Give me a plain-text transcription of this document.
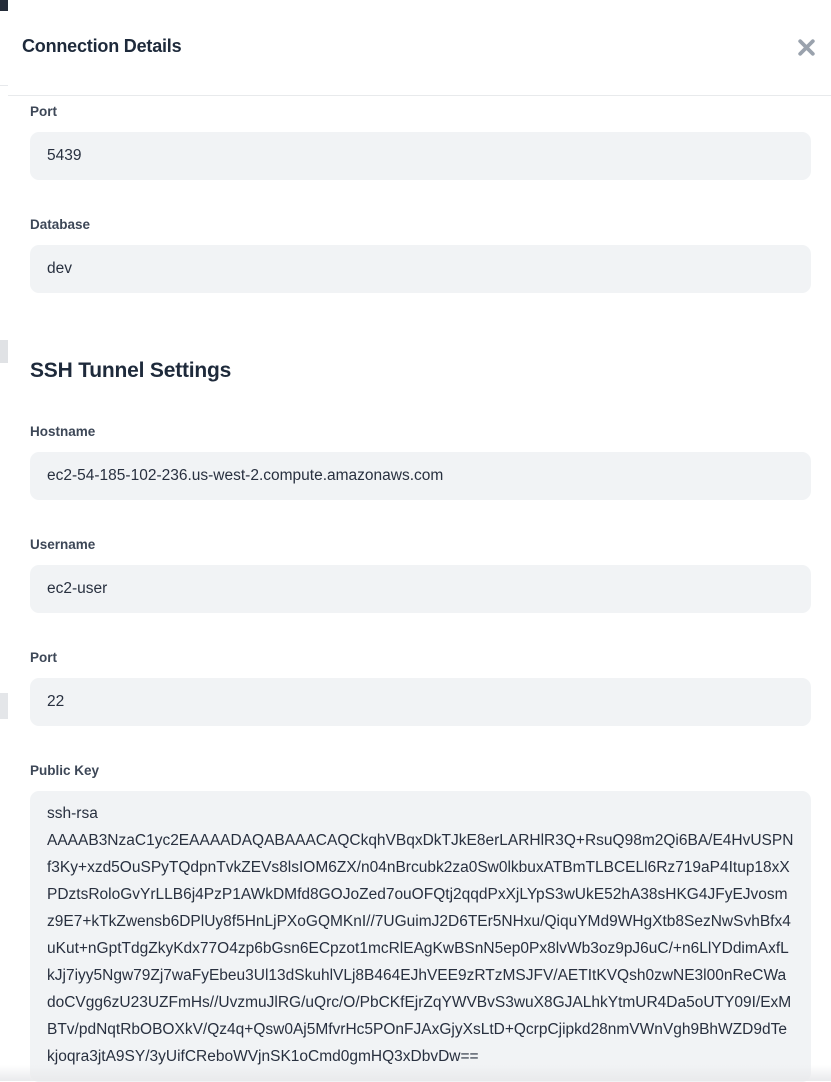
Connection Details
Port
5439
Database
dev
SSH Tunnel Settings
Hostname
ec2-54-185-102-236.us-west-2.compute.amazonaws.com
Username
ec2-user
Port
22
Public Key
ssh-rsa AAAAB3NzaC1yc2EAAAADAQABAAACAQCkqhVBqxDkTJkE8erLARHlR3Q+RsuQ98m2Qi6BA/E4HvUSPNf3Ky+xzd5OuSPyTQdpnTvkZEVs8lsIOM6ZX/n04nBrcubk2za0Sw0lkbuxATBmTLBCELl6Rz719aP4Itup18xXPDztsRoloGvYrLLB6j4PzP1AWkDMfd8GOJoZed7ouOFQtj2qqdPxXjLYpS3wUkE52hA38sHKG4JFyEJvosmz9E7+kTkZwensb6DPlUy8f5HnLjPXoGQMKnI//7UGuimJ2D6TEr5NHxu/QiquYMd9WHgXtb8SezNwSvhBfx4uKut+nGptTdgZkyKdx77O4zp6bGsn6ECpzot1mcRlEAgKwBSnN5ep0Px8lvWb3oz9pJ6uC/+n6LlYDdimAxfLkJj7iyy5Ngw79Zj7waFyEbeu3Ul13dSkuhlVLj8B464EJhVEE9zRTzMSJFV/AETItKVQsh0zwNE3l00nReCWadoCVgg6zU23UZFmHs//UvzmuJlRG/uQrc/O/PbCKfEjrZqYWVBvS3wuX8GJALhkYtmUR4Da5oUTY09I/ExMBTv/pdNqtRbOBOXkV/Qz4q+Qsw0Aj5MfvrHc5POnFJAxGjyXsLtD+QcrpCjipkd28nmVWnVgh9BhWZD9dTekjoqra3jtA9SY/3yUifCReboWVjnSK1oCmd0gmHQ3xDbvDw==
